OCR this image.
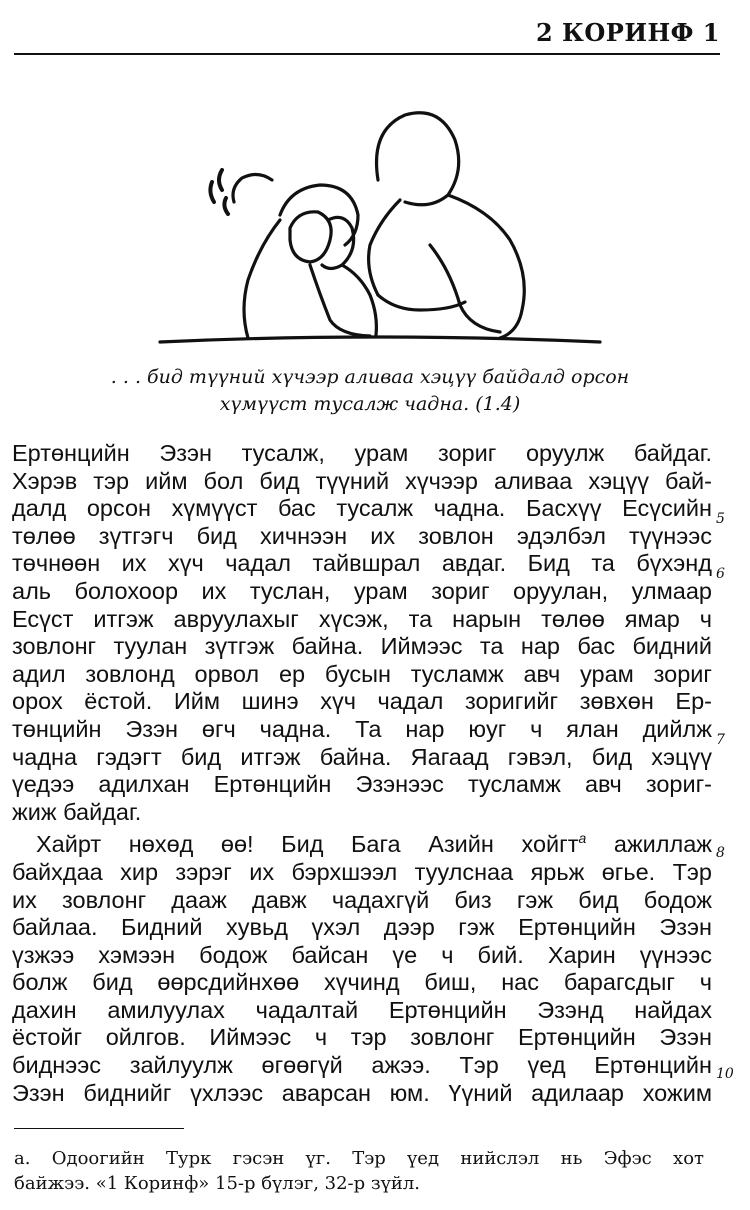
2 КОРИНФ 1
. . . бид түүний хүчээр аливаа хэцүү байдалд орсон
хүмүүст тусалж чадна. (1.4)
Ертөнцийн Эзэн тусалж, урам зориг оруулж байдаг.
Хэрэв тэр ийм бол бид түүний хүчээр аливаа хэцүү бай-
далд орсон хүмүүст бас тусалж чадна. Басхүү Есүсийн
төлөө зүтгэгч бид хичнээн их зовлон эдэлбэл түүнээс
төчнөөн их хүч чадал тайвшрал авдаг. Бид та бүхэнд
аль болохоор их туслан, урам зориг оруулан, улмаар
Есүст итгэж авруулахыг хүсэж, та нарын төлөө ямар ч
зовлонг туулан зүтгэж байна. Иймээс та нар бас бидний
адил зовлонд орвол ер бусын тусламж авч урам зориг
орох ёстой. Ийм шинэ хүч чадал зоригийг зөвхөн Ер-
төнцийн Эзэн өгч чадна. Та нар юуг ч ялан дийлж
чадна гэдэгт бид итгэж байна. Яагаад гэвэл, бид хэцүү
үедээ адилхан Ертөнцийн Эзэнээс тусламж авч зориг-
жиж байдаг.
Хайрт нөхөд өө! Бид Бага Азийн хойгт$^a$ ажиллаж
байхдаа хир зэрэг их бэрхшээл туулснаа ярьж өгье. Тэр
их зовлонг дааж давж чадахгүй биз гэж бид бодож
байлаа. Бидний хувьд үхэл дээр гэж Ертөнцийн Эзэн
үзжээ хэмээн бодож байсан үе ч бий. Харин үүнээс
болж бид өөрсдийнхөө хүчинд биш, нас барагсдыг ч
дахин амилуулах чадалтай Ертөнцийн Эзэнд найдах
ёстойг ойлгов. Иймээс ч тэр зовлонг Ертөнцийн Эзэн
биднээс зайлуулж өгөөгүй ажээ. Тэр үед Ертөнцийн
Эзэн биднийг үхлээс аварсан юм. Үүний адилаар хожим
5
6
7
8
10
a. Одоогийн Турк гэсэн үг. Тэр үед нийслэл нь Эфэс хот
байжээ. «1 Коринф» 15-р бүлэг, 32-р зүйл.
